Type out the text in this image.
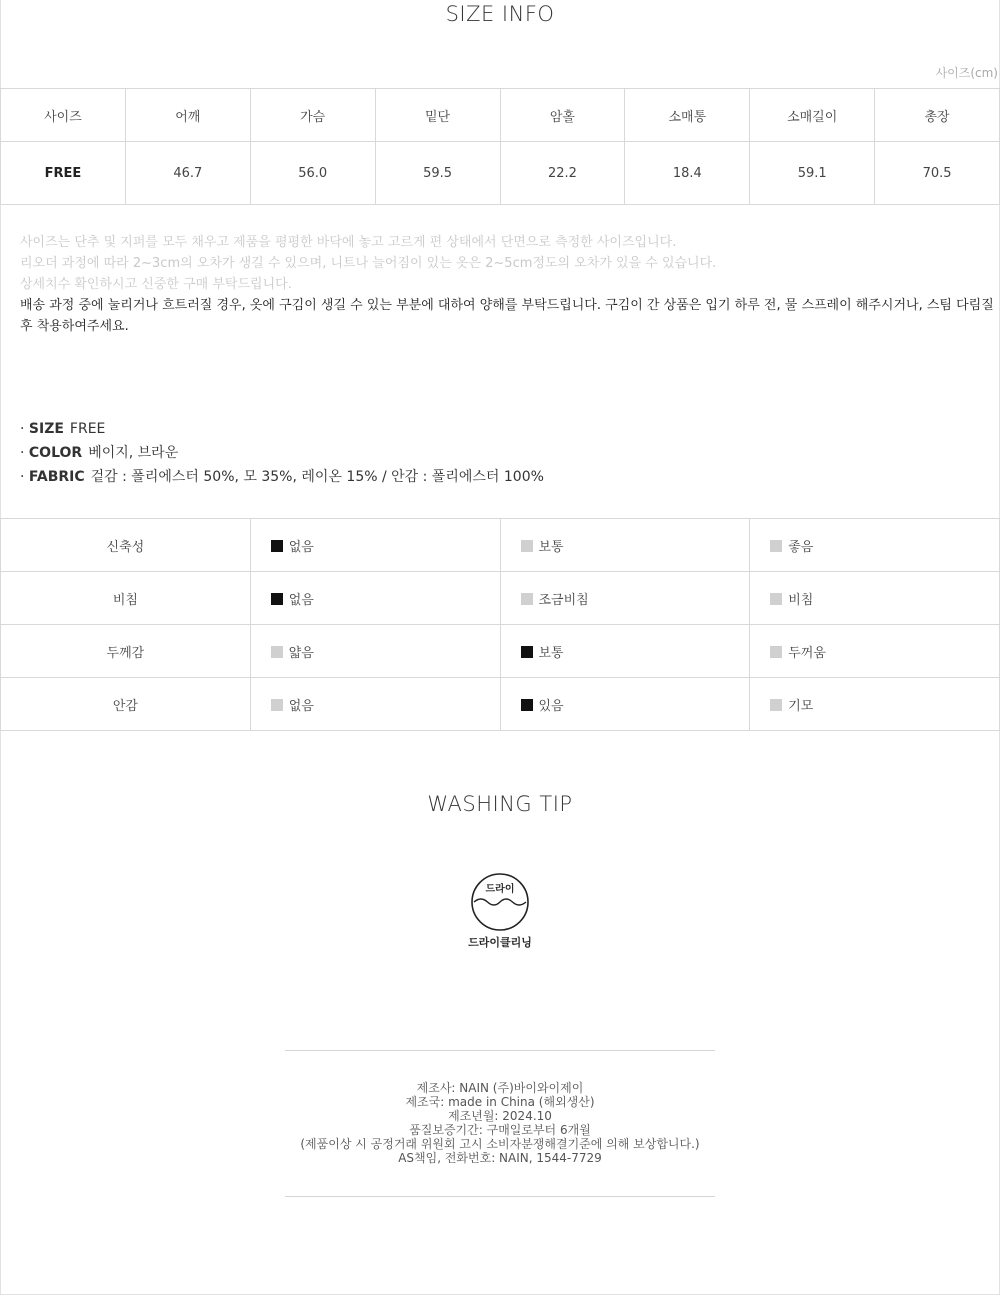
SIZE INFO
사이즈(cm)
사이즈	어깨	가슴	밑단	암홀	소매통	소매길이	총장
FREE	46.7	56.0	59.5	22.2	18.4	59.1	70.5
사이즈는 단추 및 지퍼를 모두 채우고 제품을 평평한 바닥에 놓고 고르게 편 상태에서 단면으로 측정한 사이즈입니다.
리오더 과정에 따라 2~3cm의 오차가 생길 수 있으며, 니트나 늘어짐이 있는 옷은 2~5cm정도의 오차가 있을 수 있습니다.
상세치수 확인하시고 신중한 구매 부탁드립니다.
배송 과정 중에 눌리거나 흐트러질 경우, 옷에 구김이 생길 수 있는 부분에 대하여 양해를 부탁드립니다. 구김이 간 상품은 입기 하루 전, 물 스프레이 해주시거나, 스팀 다림질 후 착용하여주세요.
· SIZE FREE
· COLOR 베이지, 브라운
· FABRIC 겉감 : 폴리에스터 50%, 모 35%, 레이온 15% / 안감 : 폴리에스터 100%
신축성	없음	보통	좋음
비침	없음	조금비침	비침
두께감	얇음	보통	두꺼움
안감	없음	있음	기모
WASHING TIP
드라이
드라이클리닝
제조사: NAIN (주)바이와이제이
제조국: made in China (해외생산)
제조년월: 2024.10
품질보증기간: 구매일로부터 6개월
(제품이상 시 공정거래 위원회 고시 소비자분쟁해결기준에 의해 보상합니다.)
AS책임, 전화번호: NAIN, 1544-7729
